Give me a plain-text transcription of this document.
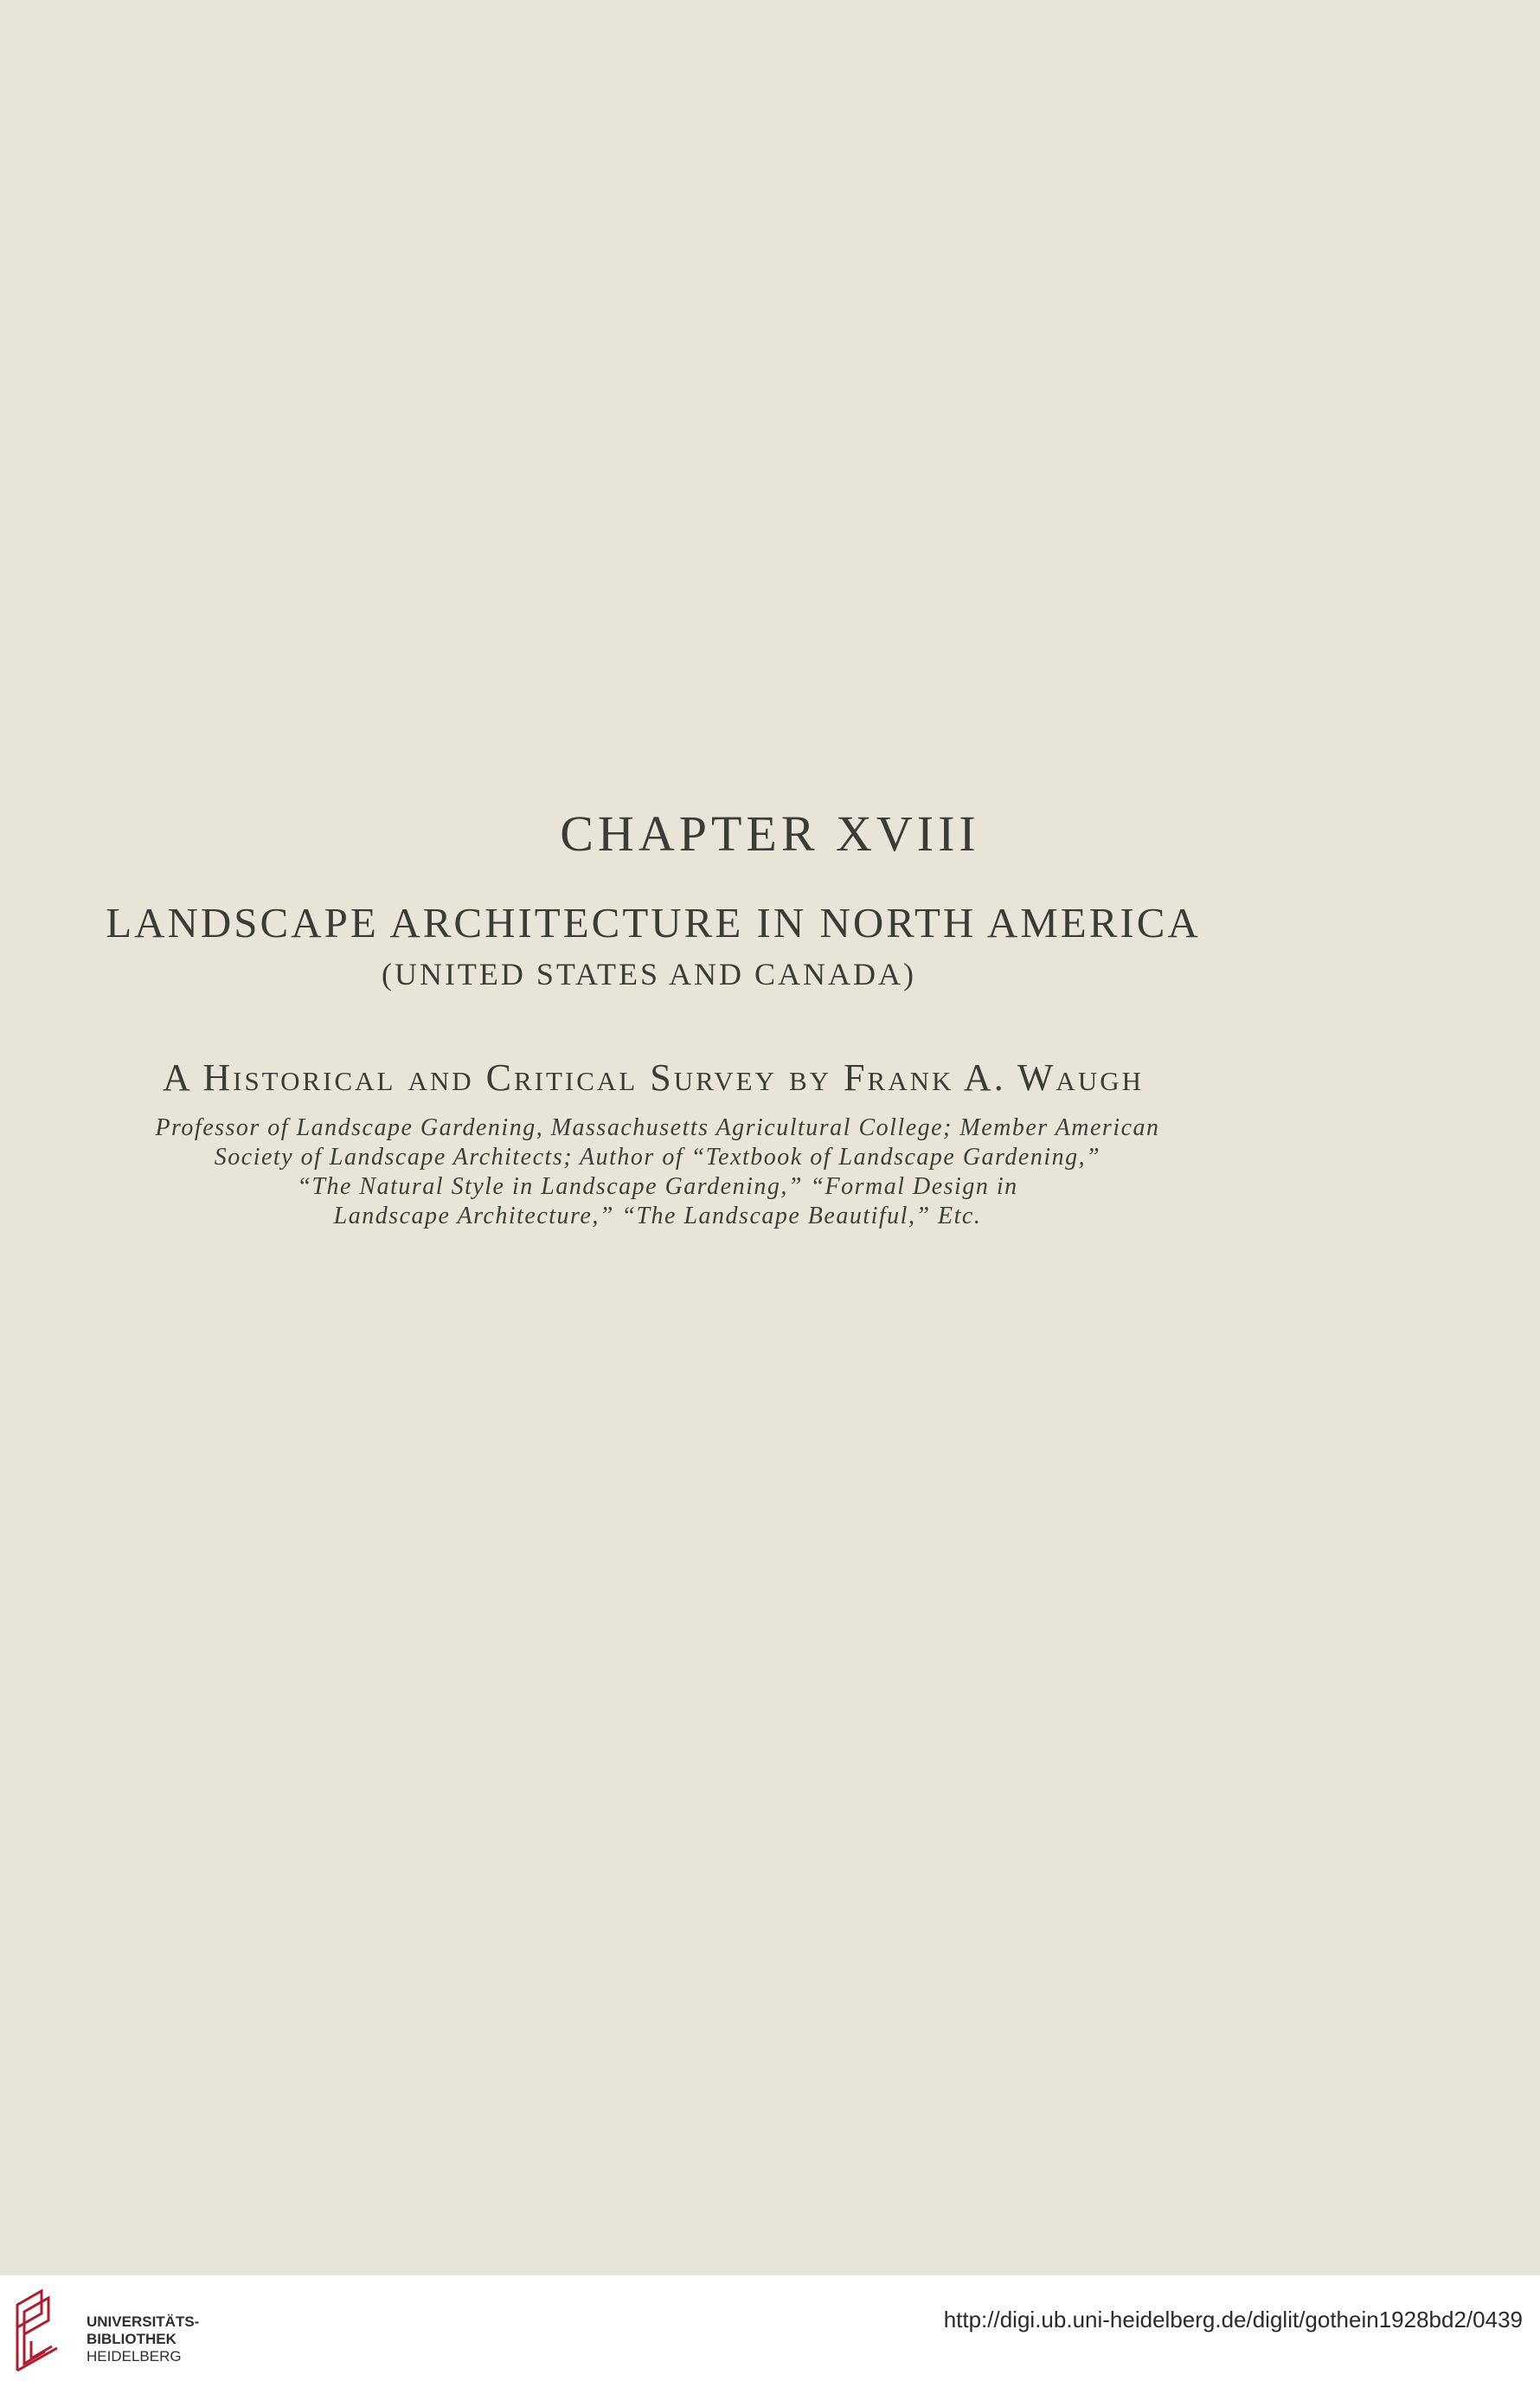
CHAPTER XVIII
LANDSCAPE ARCHITECTURE IN NORTH AMERICA
(UNITED STATES AND CANADA)
A Historical and Critical Survey by Frank A. Waugh
Professor of Landscape Gardening, Massachusetts Agricultural College; Member American
Society of Landscape Architects; Author of “Textbook of Landscape Gardening,”
“The Natural Style in Landscape Gardening,” “Formal Design in
Landscape Architecture,” “The Landscape Beautiful,” Etc.
UNIVERSITÄTS-
BIBLIOTHEK
HEIDELBERG
http://digi.ub.uni-heidelberg.de/diglit/gothein1928bd2/0439
